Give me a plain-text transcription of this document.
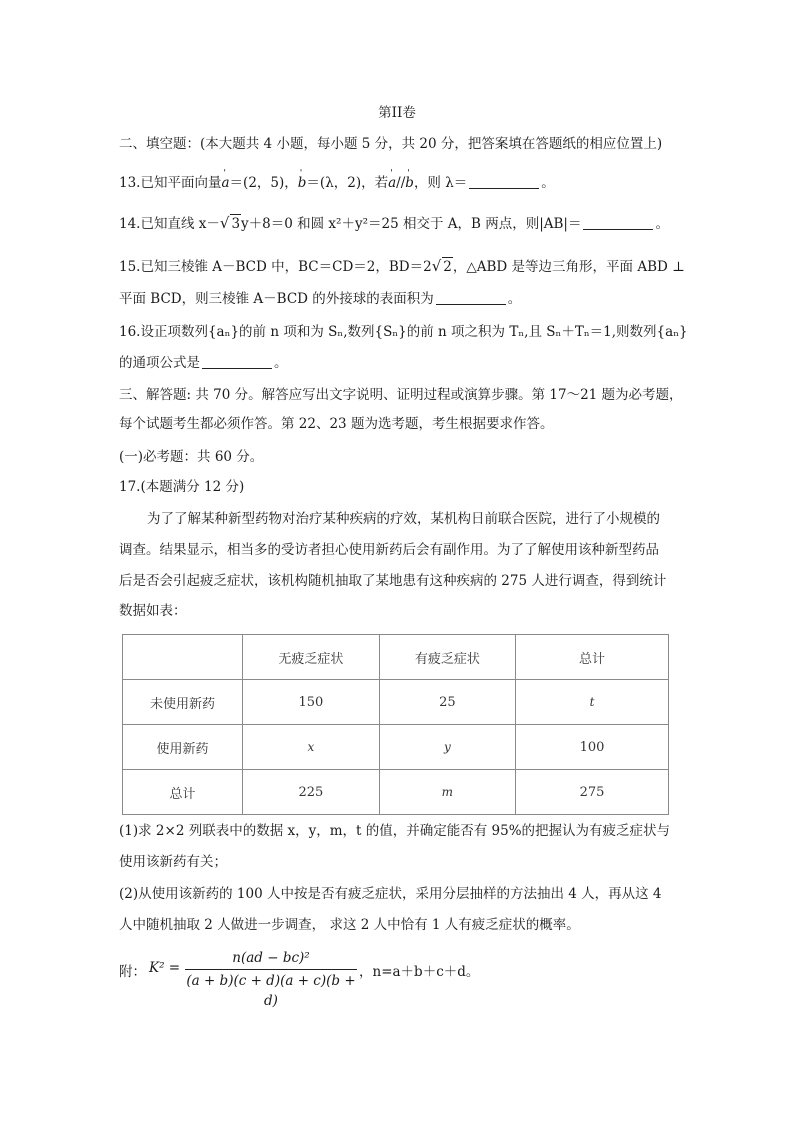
第II卷
二、填空题：(本大题共 4 小题，每小题 5 分，共 20 分，把答案填在答题纸的相应位置上)
13.已知平面向量' a＝(2，5)，' b＝(λ，2)，若' a//' b，则 λ＝	。
14.已知直线 x－√ 3y＋8＝0 和圆 x²＋y²＝25 相交于 A，B 两点，则|AB|＝	。
15.已知三棱锥 A－BCD 中，BC＝CD＝2，BD＝2√ 2，△ABD 是等边三角形，平面 ABD ⊥
平面 BCD，则三棱锥 A－BCD 的外接球的表面积为	。
16.设正项数列{aₙ}的前 n 项和为 Sₙ,数列{Sₙ}的前 n 项之积为 Tₙ,且 Sₙ＋Tₙ＝1,则数列{aₙ}
的通项公式是	。
三、解答题: 共 70 分。解答应写出文字说明、证明过程或演算步骤。第 17～21 题为必考题，
每个试题考生都必须作答。第 22、23 题为选考题，考生根据要求作答。
(一)必考题：共 60 分。
17.(本题满分 12 分)
为了了解某种新型药物对治疗某种疾病的疗效，某机构日前联合医院，进行了小规模的
调查。结果显示，相当多的受访者担心使用新药后会有副作用。为了了解使用该种新型药品
后是否会引起疲乏症状，该机构随机抽取了某地患有这种疾病的 275 人进行调查，得到统计
数据如表：
	无疲乏症状	有疲乏症状	总计
未使用新药	150	25	t
使用新药	x	y	100
总计	225	m	275
(1)求 2×2 列联表中的数据 x，y，m，t 的值，并确定能否有 95%的把握认为有疲乏症状与
使用该新药有关；
(2)从使用该新药的 100 人中按是否有疲乏症状，采用分层抽样的方法抽出 4 人，再从这 4
人中随机抽取 2 人做进一步调查， 求这 2 人中恰有 1 人有疲乏症状的概率。
附： K² =
n(ad − bc)²
(a + b)(c + d)(a + c)(b + d)
，n=a＋b＋c＋d。
